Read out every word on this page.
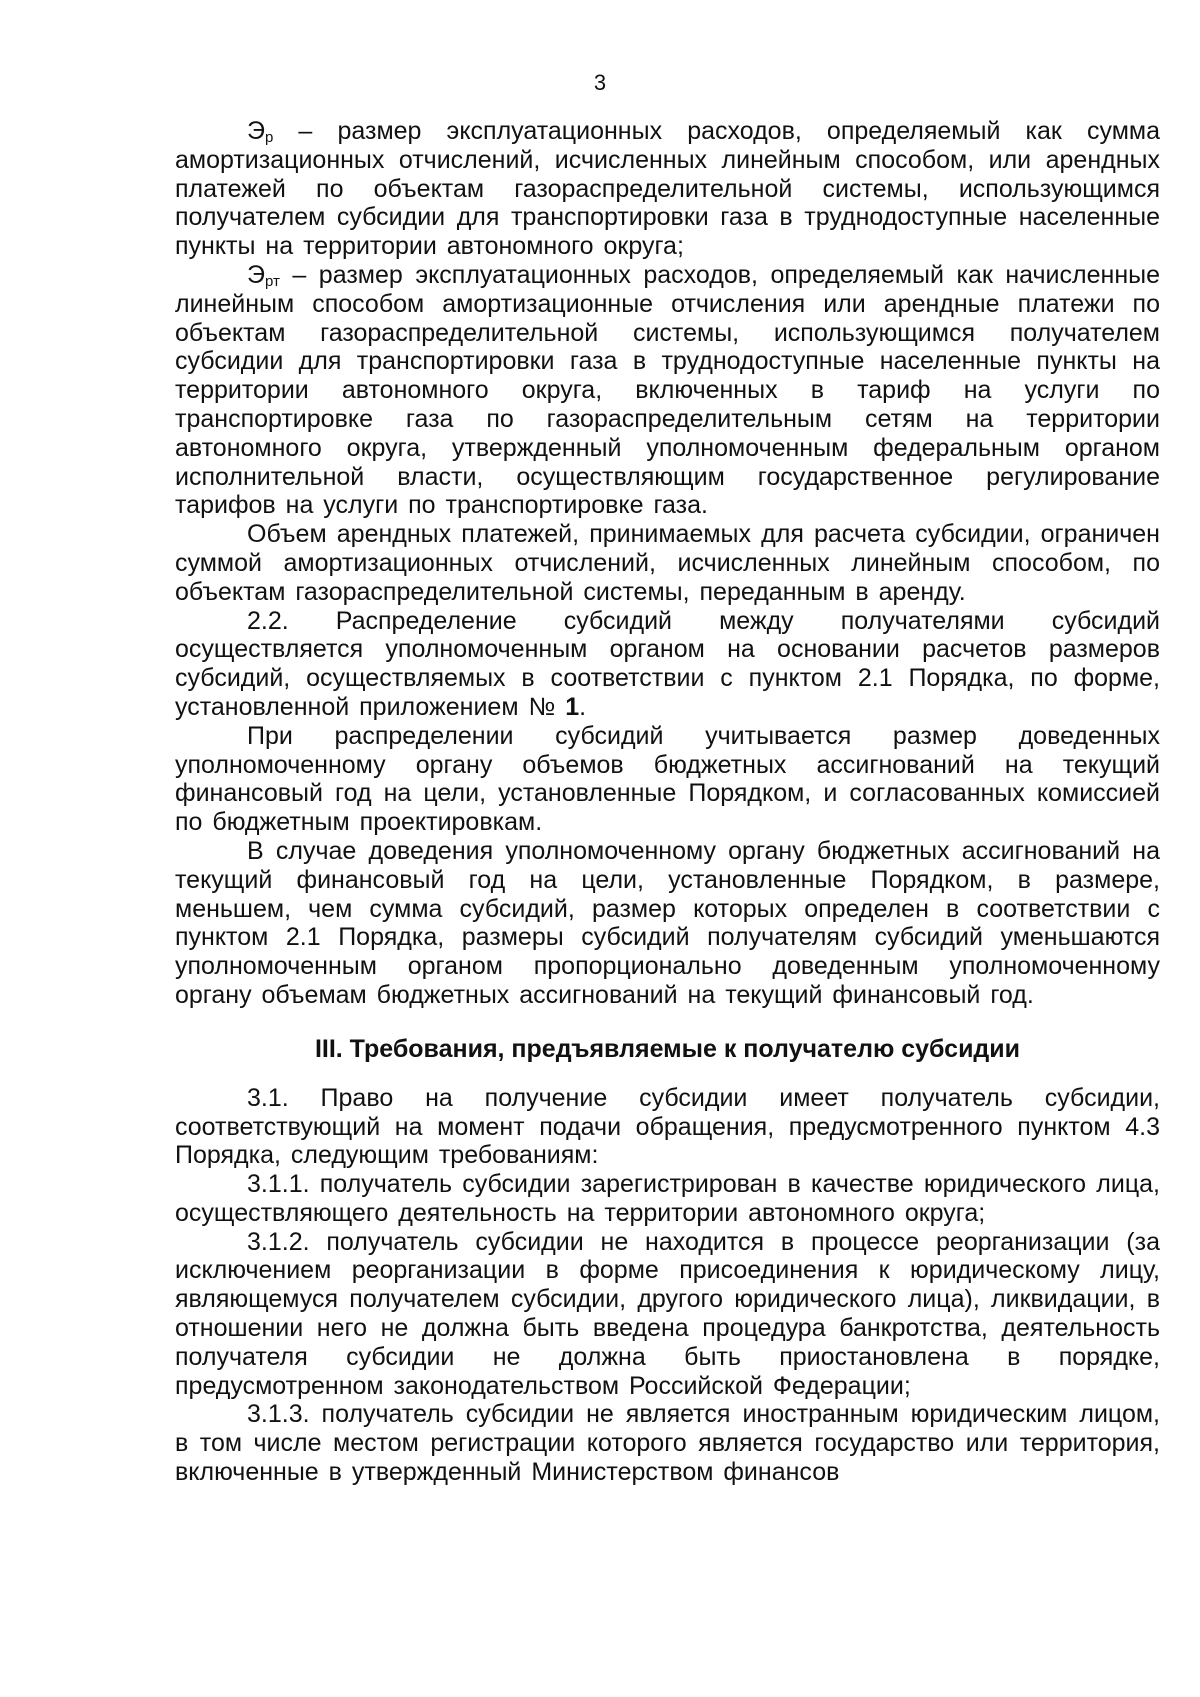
3

$Э_р$ – размер эксплуатационных расходов, определяемый как сумма амортизационных отчислений, исчисленных линейным способом, или арендных платежей по объектам газораспределительной системы, использующимся получателем субсидии для транспортировки газа в труднодоступные населенные пункты на территории автономного округа;

$Э_{рт}$ – размер эксплуатационных расходов, определяемый как начисленные линейным способом амортизационные отчисления или арендные платежи по объектам газораспределительной системы, использующимся получателем субсидии для транспортировки газа в труднодоступные населенные пункты на территории автономного округа, включенных в тариф на услуги по транспортировке газа по газораспределительным сетям на территории автономного округа, утвержденный уполномоченным федеральным органом исполнительной власти, осуществляющим государственное регулирование тарифов на услуги по транспортировке газа.

Объем арендных платежей, принимаемых для расчета субсидии, ограничен суммой амортизационных отчислений, исчисленных линейным способом, по объектам газораспределительной системы, переданным в аренду.

2.2. Распределение субсидий между получателями субсидий осуществляется уполномоченным органом на основании расчетов размеров субсидий, осуществляемых в соответствии с пунктом 2.1 Порядка, по форме, установленной приложением № 1.

При распределении субсидий учитывается размер доведенных уполномоченному органу объемов бюджетных ассигнований на текущий финансовый год на цели, установленные Порядком, и согласованных комиссией по бюджетным проектировкам.

В случае доведения уполномоченному органу бюджетных ассигнований на текущий финансовый год на цели, установленные Порядком, в размере, меньшем, чем сумма субсидий, размер которых определен в соответствии с пунктом 2.1 Порядка, размеры субсидий получателям субсидий уменьшаются уполномоченным органом пропорционально доведенным уполномоченному органу объемам бюджетных ассигнований на текущий финансовый год.

III. Требования, предъявляемые к получателю субсидии

3.1. Право на получение субсидии имеет получатель субсидии, соответствующий на момент подачи обращения, предусмотренного пунктом 4.3 Порядка, следующим требованиям:

3.1.1. получатель субсидии зарегистрирован в качестве юридического лица, осуществляющего деятельность на территории автономного округа;

3.1.2. получатель субсидии не находится в процессе реорганизации (за исключением реорганизации в форме присоединения к юридическому лицу, являющемуся получателем субсидии, другого юридического лица), ликвидации, в отношении него не должна быть введена процедура банкротства, деятельность получателя субсидии не должна быть приостановлена в порядке, предусмотренном законодательством Российской Федерации;

3.1.3. получатель субсидии не является иностранным юридическим лицом, в том числе местом регистрации которого является государство или территория, включенные в утвержденный Министерством финансов
